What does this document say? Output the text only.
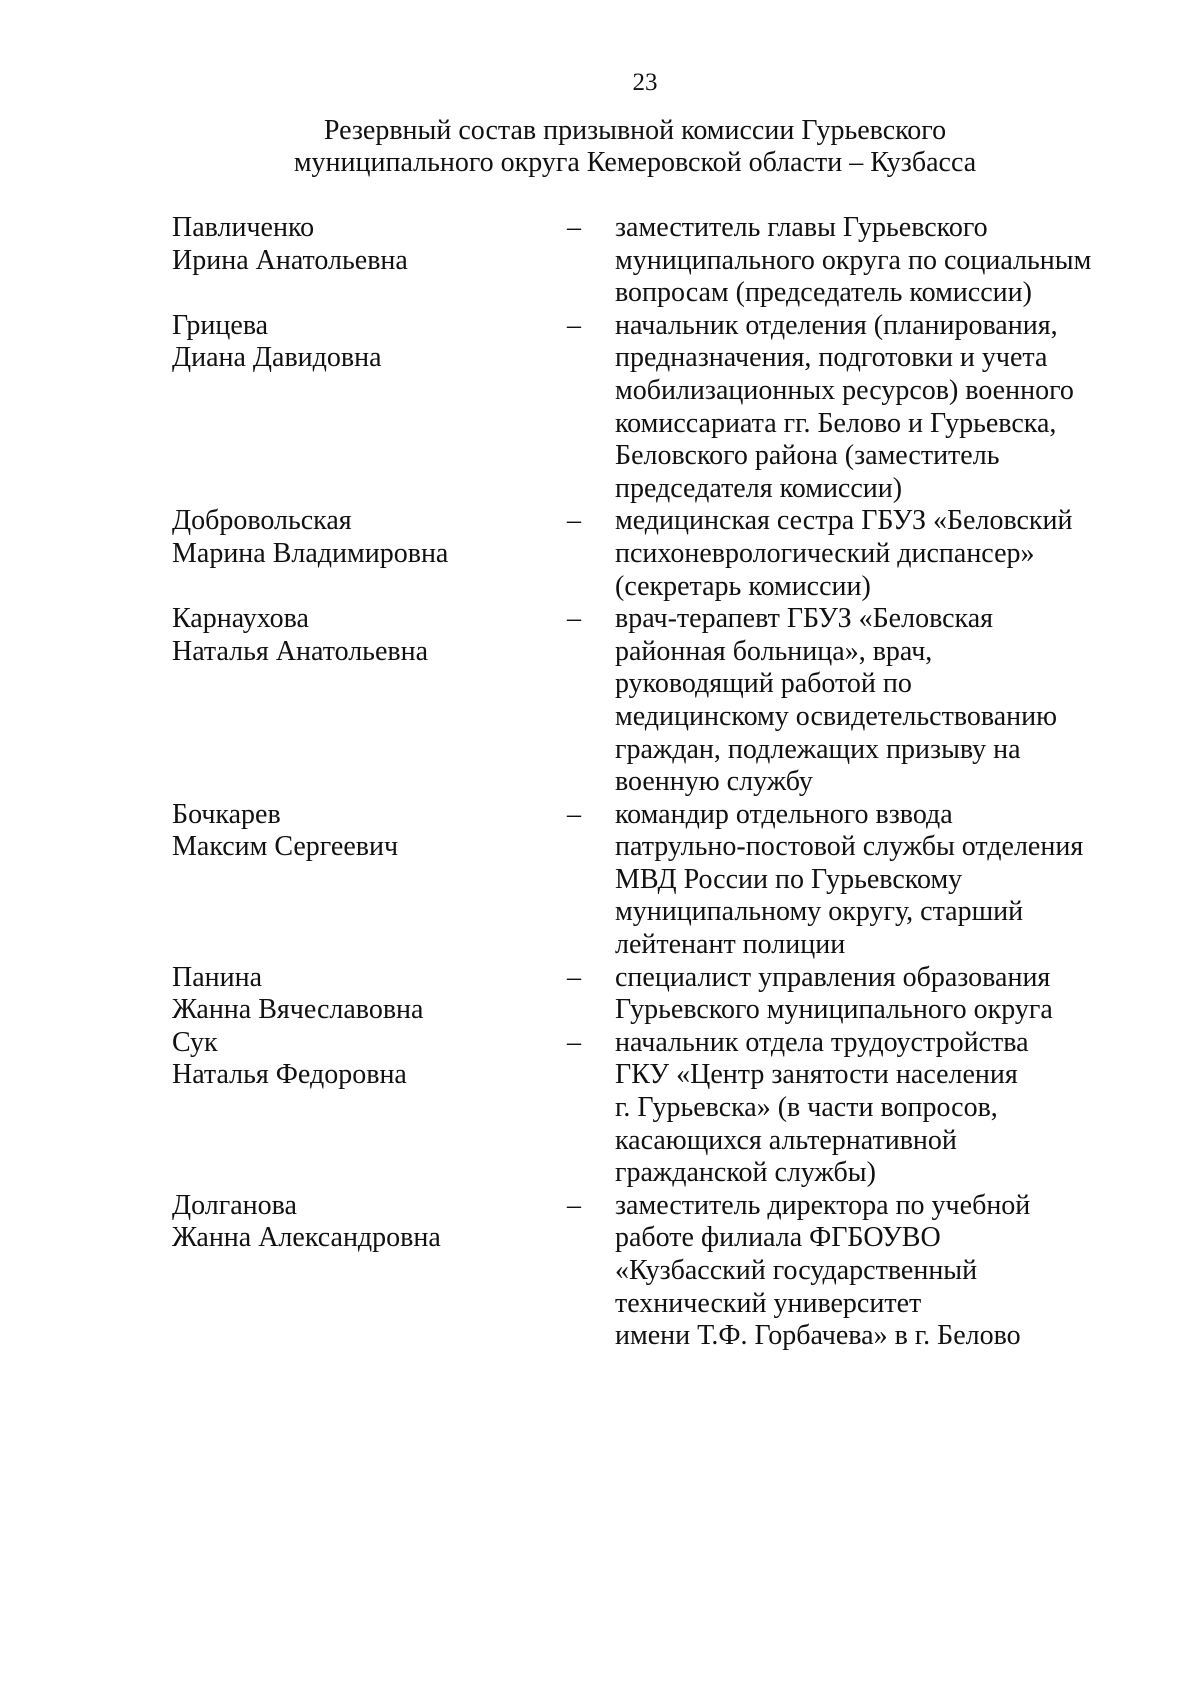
23
Резервный состав призывной комиссии Гурьевского
муниципального округа Кемеровской области – Кузбасса
Павличенко
Ирина Анатольевна
–	заместитель главы Гурьевского
муниципального округа по социальным
вопросам (председатель комиссии)
Грицева
Диана Давидовна
–	начальник отделения (планирования,
предназначения, подготовки и учета
мобилизационных ресурсов) военного
комиссариата гг. Белово и Гурьевска,
Беловского района (заместитель
председателя комиссии)
Добровольская
Марина Владимировна
–	медицинская сестра ГБУЗ «Беловский
психоневрологический диспансер»
(секретарь комиссии)
Карнаухова
Наталья Анатольевна
–	врач-терапевт ГБУЗ «Беловская
районная больница», врач,
руководящий работой по
медицинскому освидетельствованию
граждан, подлежащих призыву на
военную службу
Бочкарев
Максим Сергеевич
–	командир отдельного взвода
патрульно-постовой службы отделения
МВД России по Гурьевскому
муниципальному округу, старший
лейтенант полиции
Панина
Жанна Вячеславовна
–	специалист управления образования
Гурьевского муниципального округа
Сук
Наталья Федоровна
–	начальник отдела трудоустройства
ГКУ «Центр занятости населения
г. Гурьевска» (в части вопросов,
касающихся альтернативной
гражданской службы)
Долганова
Жанна Александровна
–	заместитель директора по учебной
работе филиала ФГБОУВО
«Кузбасский государственный
технический университет
имени Т.Ф. Горбачева» в г. Белово
